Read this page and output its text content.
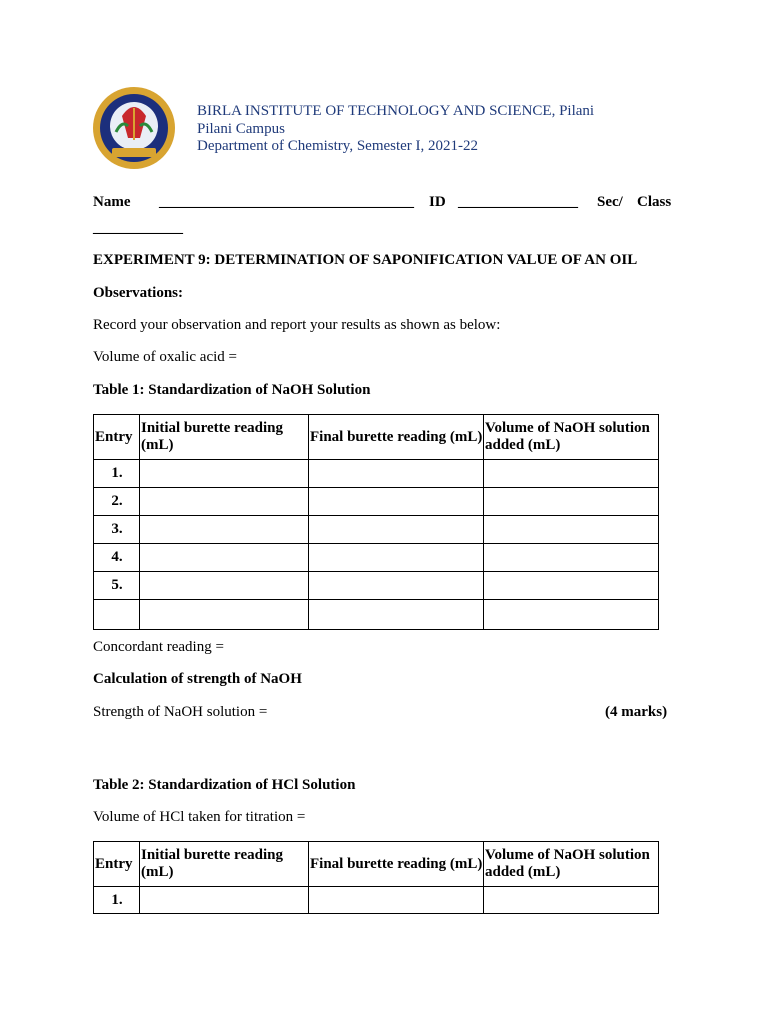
BIRLA INSTITUTE OF TECHNOLOGY AND SCIENCE, Pilani
Pilani Campus
Department of Chemistry, Semester I, 2021-22
Name __________________________________ ID ________________ Sec/ Class
____________
EXPERIMENT 9: DETERMINATION OF SAPONIFICATION VALUE OF AN OIL
Observations:
Record your observation and report your results as shown as below:
Volume of oxalic acid =
Table 1: Standardization of NaOH Solution
Entry	Initial burette reading (mL)	Final burette reading (mL)	Volume of NaOH solution added (mL)
1.			
2.			
3.			
4.			
5.			

Concordant reading =
Calculation of strength of NaOH
Strength of NaOH solution =	(4 marks)
Table 2: Standardization of HCl Solution
Volume of HCl taken for titration =
Entry	Initial burette reading (mL)	Final burette reading (mL)	Volume of NaOH solution added (mL)
1.			
